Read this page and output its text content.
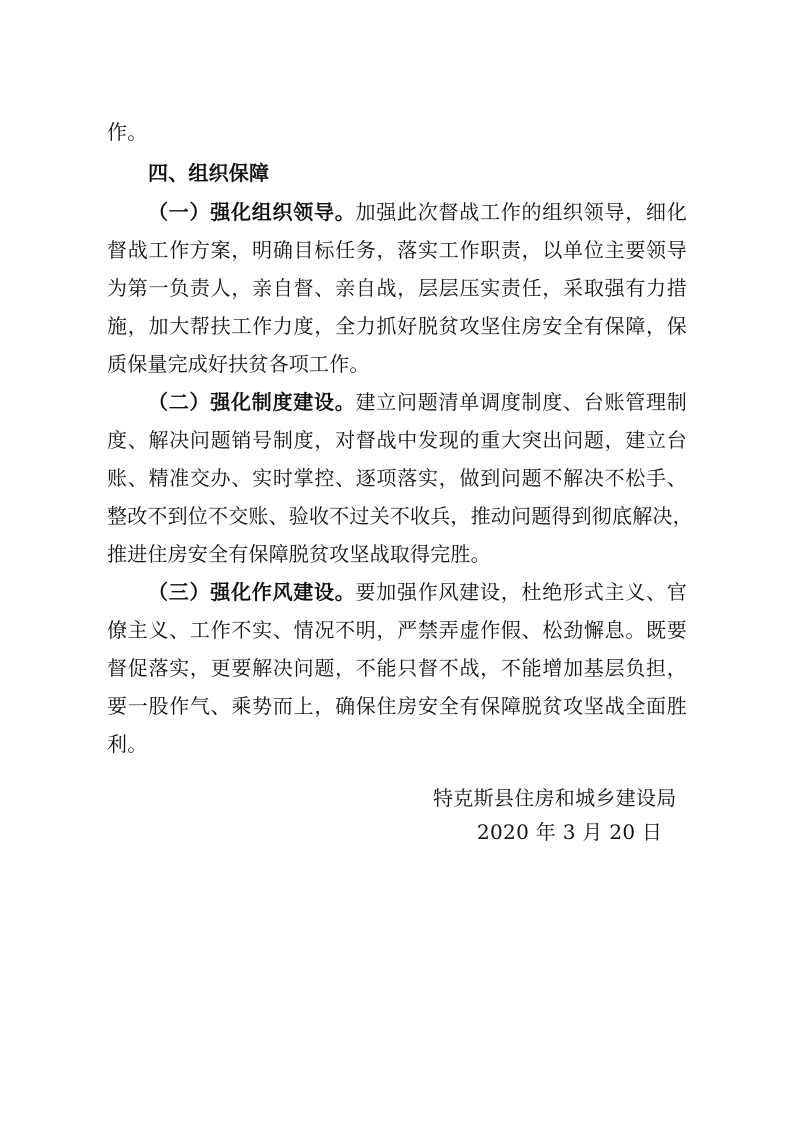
作。
四、组织保障
（一）强化组织领导。加强此次督战工作的组织领导，细化
督战工作方案，明确目标任务，落实工作职责，以单位主要领导
为第一负责人，亲自督、亲自战，层层压实责任，采取强有力措
施，加大帮扶工作力度，全力抓好脱贫攻坚住房安全有保障，保
质保量完成好扶贫各项工作。
（二）强化制度建设。建立问题清单调度制度、台账管理制
度、解决问题销号制度，对督战中发现的重大突出问题，建立台
账、精准交办、实时掌控、逐项落实，做到问题不解决不松手、
整改不到位不交账、验收不过关不收兵，推动问题得到彻底解决，
推进住房安全有保障脱贫攻坚战取得完胜。
（三）强化作风建设。要加强作风建设，杜绝形式主义、官
僚主义、工作不实、情况不明，严禁弄虚作假、松劲懈息。既要
督促落实，更要解决问题，不能只督不战，不能增加基层负担，
要一股作气、乘势而上，确保住房安全有保障脱贫攻坚战全面胜
利。
特克斯县住房和城乡建设局
2020 年 3 月 20 日
